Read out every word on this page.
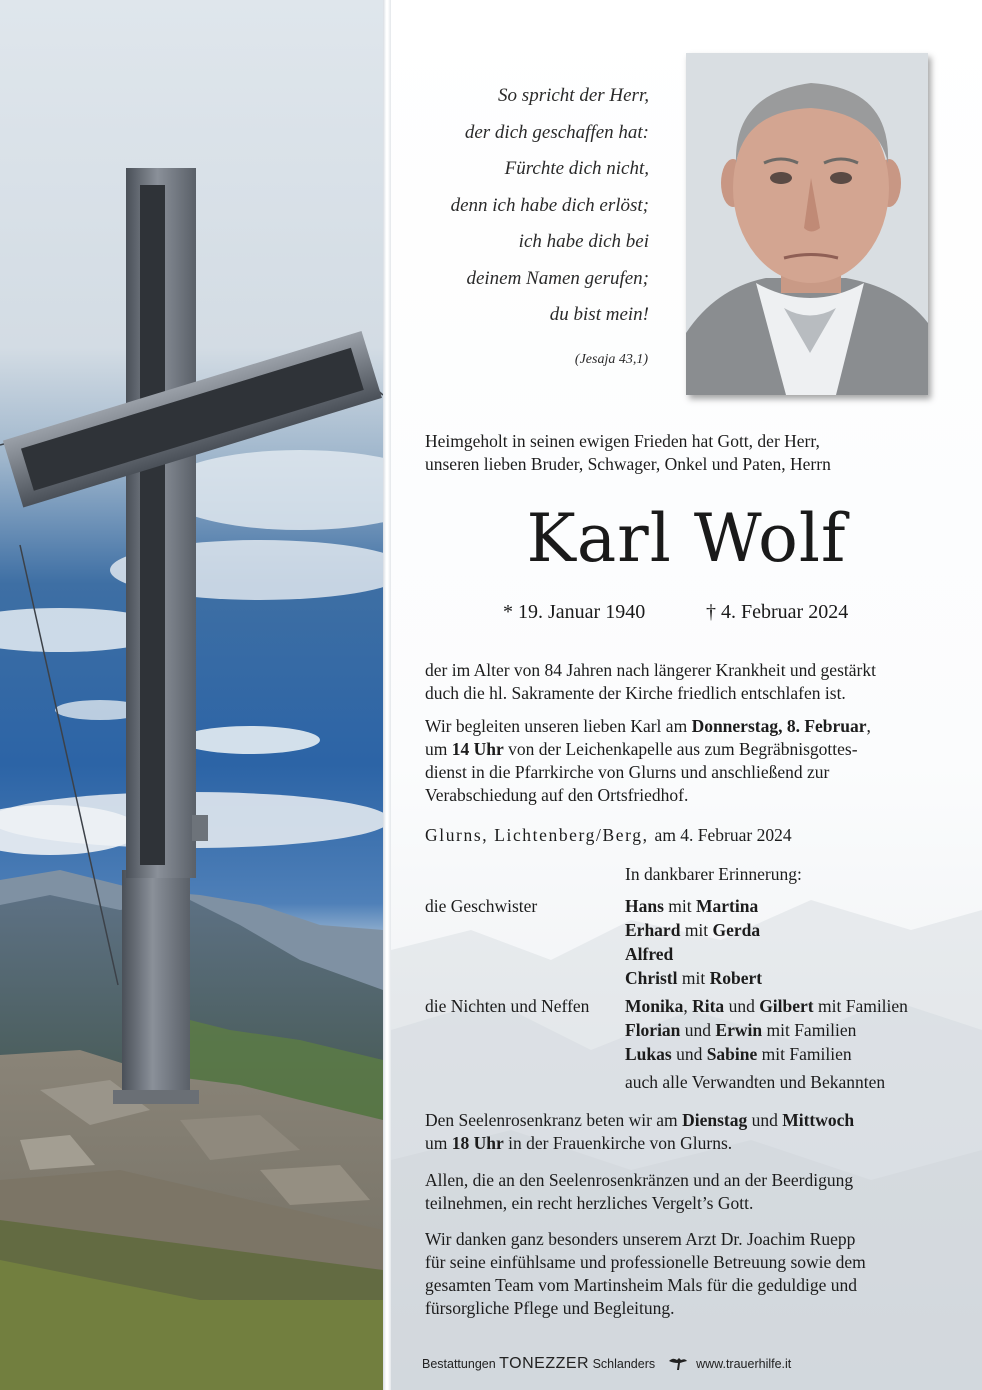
So spricht der Herr,
der dich geschaffen hat:
Fürchte dich nicht,
denn ich habe dich erlöst;
ich habe dich bei
deinem Namen gerufen;
du bist mein!
(Jesaja 43,1)
Heimgeholt in seinen ewigen Frieden hat Gott, der Herr,
unseren lieben Bruder, Schwager, Onkel und Paten, Herrn
Karl Wolf
* 19. Januar 1940	† 4. Februar 2024
der im Alter von 84 Jahren nach längerer Krankheit und gestärkt
duch die hl. Sakramente der Kirche friedlich entschlafen ist.
Wir begleiten unseren lieben Karl am Donnerstag, 8. Februar,
um 14 Uhr von der Leichenkapelle aus zum Begräbnisgottes-
dienst in die Pfarrkirche von Glurns und anschließend zur
Verabschiedung auf den Ortsfriedhof.
Glurns, Lichtenberg/Berg, am 4. Februar 2024
In dankbarer Erinnerung:
die Geschwister	Hans mit Martina
Erhard mit Gerda
Alfred
Christl mit Robert
die Nichten und Neffen Monika, Rita und Gilbert mit Familien
Florian und Erwin mit Familien
Lukas und Sabine mit Familien
auch alle Verwandten und Bekannten
Den Seelenrosenkranz beten wir am Dienstag und Mittwoch
um 18 Uhr in der Frauenkirche von Glurns.
Allen, die an den Seelenrosenkränzen und an der Beerdigung
teilnehmen, ein recht herzliches Vergelt’s Gott.
Wir danken ganz besonders unserem Arzt Dr. Joachim Ruepp
für seine einfühlsame und professionelle Betreuung sowie dem
gesamten Team vom Martinsheim Mals für die geduldige und
fürsorgliche Pflege und Begleitung.
Bestattungen TONEZZER Schlanders	www.trauerhilfe.it
